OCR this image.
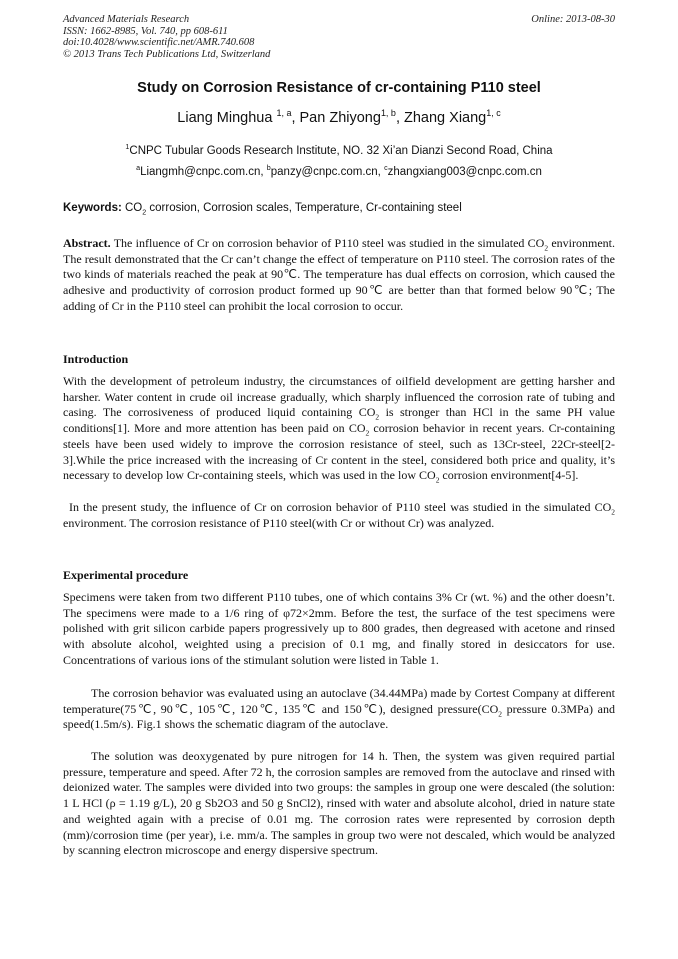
Advanced Materials Research
ISSN: 1662-8985, Vol. 740, pp 608-611
doi:10.4028/www.scientific.net/AMR.740.608
© 2013 Trans Tech Publications Ltd, Switzerland
Online: 2013-08-30
Study on Corrosion Resistance of cr-containing P110 steel
Liang Minghua $^{1, a}$, Pan Zhiyong$^{1, b}$, Zhang Xiang$^{1, c}$
$^1$CNPC Tubular Goods Research Institute, NO. 32 Xi’an Dianzi Second Road, China
$^a$Liangmh@cnpc.com.cn, $^b$panzy@cnpc.com.cn, $^c$zhangxiang003@cnpc.com.cn
Keywords: $CO_2$ corrosion, Corrosion scales, Temperature, Cr-containing steel
Abstract. The influence of Cr on corrosion behavior of P110 steel was studied in the simulated $CO_2$ environment. The result demonstrated that the Cr can’t change the effect of temperature on P110 steel. The corrosion rates of the two kinds of materials reached the peak at 90℃. The temperature has dual effects on corrosion, which caused the adhesive and productivity of corrosion product formed up 90℃ are better than that formed below 90℃; The adding of Cr in the P110 steel can prohibit the local corrosion to occur.
Introduction
With the development of petroleum industry, the circumstances of oilfield development are getting harsher and harsher. Water content in crude oil increase gradually, which sharply influenced the corrosion rate of tubing and casing. The corrosiveness of produced liquid containing $CO_2$ is stronger than HCl in the same PH value conditions[1]. More and more attention has been paid on $CO_2$ corrosion behavior in recent years. Cr-containing steels have been used widely to improve the corrosion resistance of steel, such as 13Cr-steel, 22Cr-steel[2-3].While the price increased with the increasing of Cr content in the steel, considered both price and quality, it’s necessary to develop low Cr-containing steels, which was used in the low $CO_2$ corrosion environment[4-5].
In the present study, the influence of Cr on corrosion behavior of P110 steel was studied in the simulated $CO_2$ environment. The corrosion resistance of P110 steel(with Cr or without Cr) was analyzed.
Experimental procedure
Specimens were taken from two different P110 tubes, one of which contains 3% Cr (wt. %) and the other doesn’t. The specimens were made to a 1/6 ring of φ72×2mm. Before the test, the surface of the test specimens were polished with grit silicon carbide papers progressively up to 800 grades, then degreased with acetone and rinsed with absolute alcohol, weighted using a precision of 0.1 mg, and finally stored in desiccators for use. Concentrations of various ions of the stimulant solution were listed in Table 1.
The corrosion behavior was evaluated using an autoclave (34.44MPa) made by Cortest Company at different temperature(75℃, 90℃, 105℃, 120℃, 135℃ and 150℃), designed $pressure(CO_2$ pressure 0.3MPa) and speed(1.5m/s). Fig.1 shows the schematic diagram of the autoclave.
The solution was deoxygenated by pure nitrogen for 14 h. Then, the system was given required partial pressure, temperature and speed. After 72 h, the corrosion samples are removed from the autoclave and rinsed with deionized water. The samples were divided into two groups: the samples in group one were descaled (the solution: 1 L HCl (ρ = 1.19 g/L), 20 g Sb2O3 and 50 g SnCl2), rinsed with water and absolute alcohol, dried in nature state and weighted again with a precise of 0.01 mg. The corrosion rates were represented by corrosion depth (mm)/corrosion time (per year), i.e. mm/a. The samples in group two were not descaled, which would be analyzed by scanning electron microscope and energy dispersive spectrum.
